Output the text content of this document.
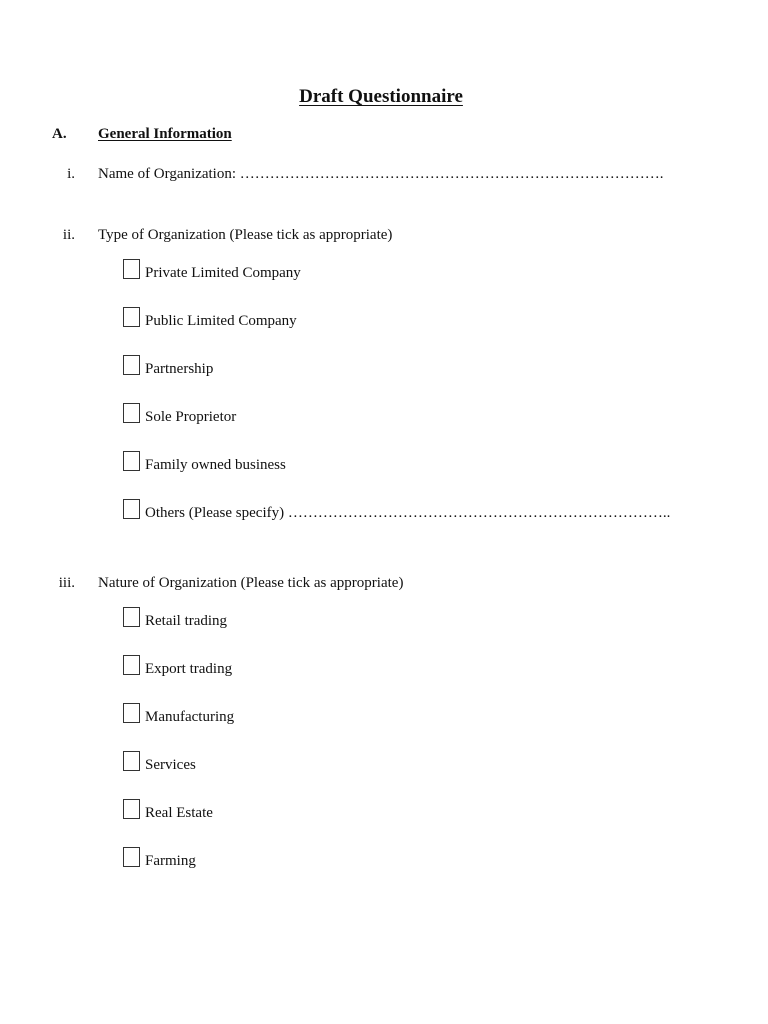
Draft Questionnaire
A. General Information
i. Name of Organization: ………………………………………………………………………….
ii. Type of Organization (Please tick as appropriate)
Private Limited Company
Public Limited Company
Partnership
Sole Proprietor
Family owned business
Others (Please specify) …………………………………………………………………..
iii. Nature of Organization (Please tick as appropriate)
Retail trading
Export trading
Manufacturing
Services
Real Estate
Farming
